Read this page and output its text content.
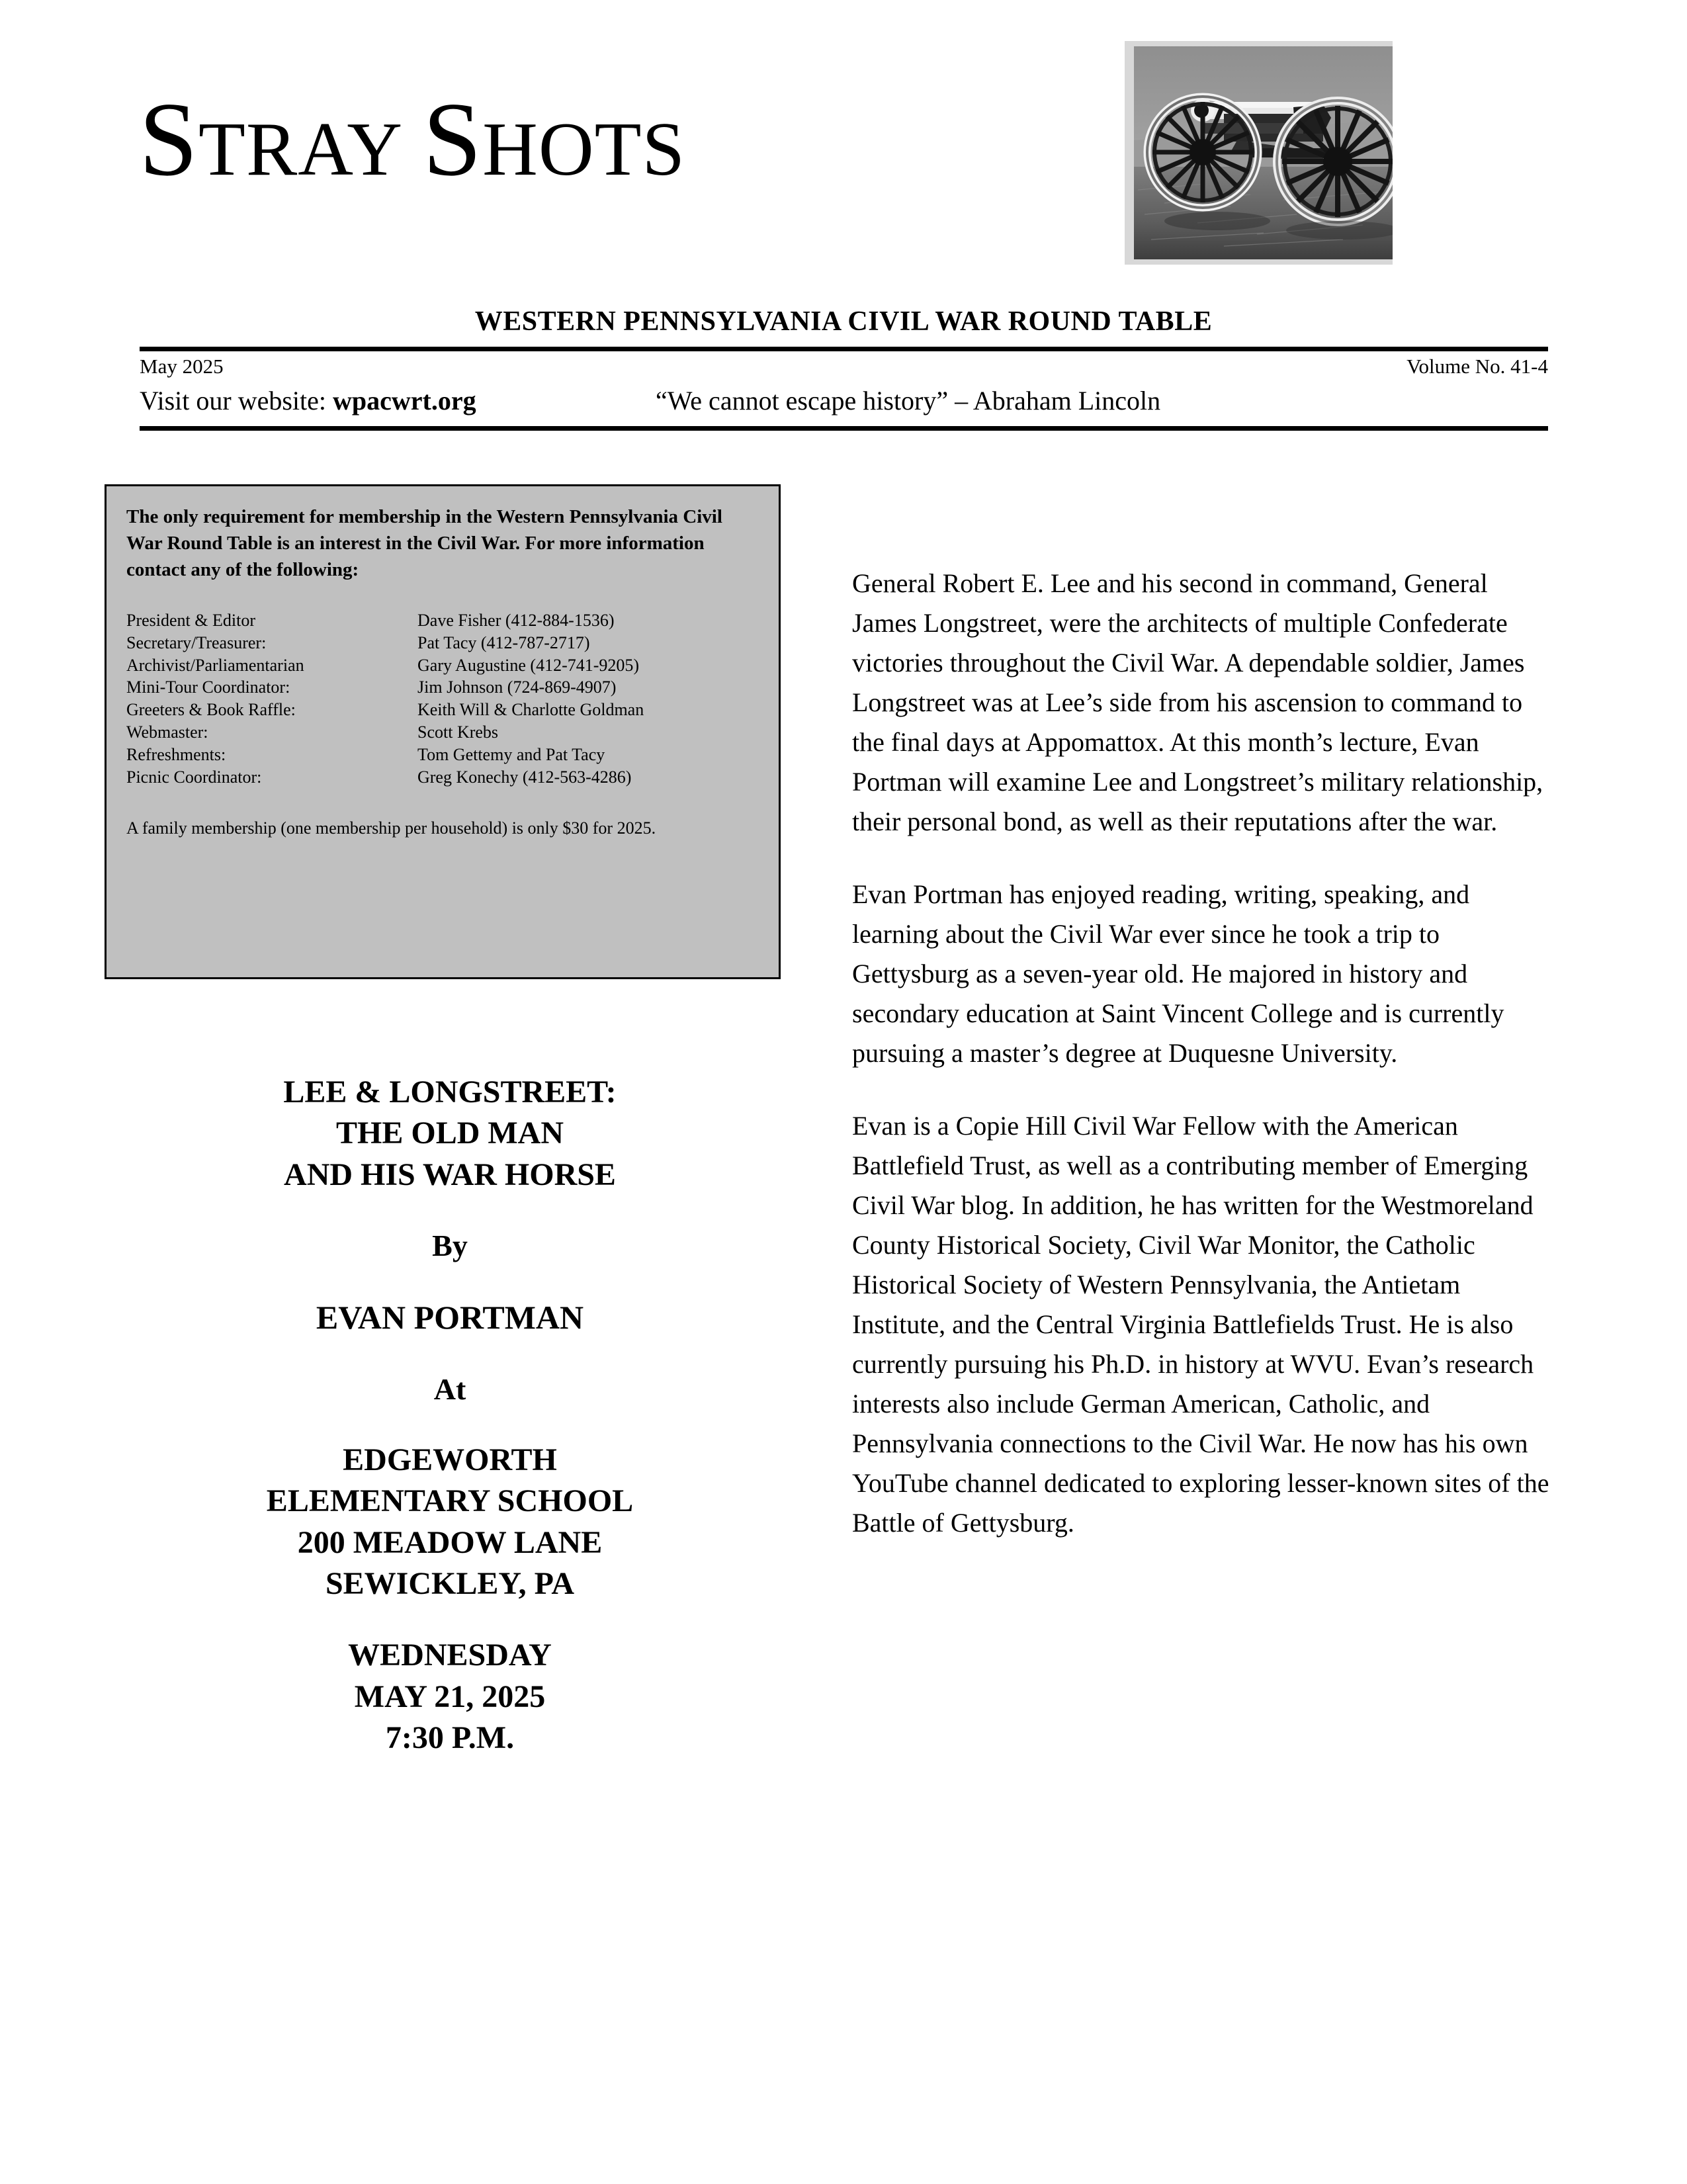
STRAY SHOTS
WESTERN PENNSYLVANIA CIVIL WAR ROUND TABLE
May 2025	Volume No. 41-4
Visit our website: wpacwrt.org	“We cannot escape history” – Abraham Lincoln

The only requirement for membership in the Western Pennsylvania Civil War Round Table is an interest in the Civil War. For more information contact any of the following:

President & Editor	Dave Fisher (412-884-1536)
Secretary/Treasurer:	Pat Tacy (412-787-2717)
Archivist/Parliamentarian	Gary Augustine (412-741-9205)
Mini-Tour Coordinator:	Jim Johnson (724-869-4907)
Greeters & Book Raffle:	Keith Will & Charlotte Goldman
Webmaster:	Scott Krebs
Refreshments:	Tom Gettemy and Pat Tacy
Picnic Coordinator:	Greg Konechy (412-563-4286)
A family membership (one membership per household) is only $30 for 2025.
LEE & LONGSTREET:
THE OLD MAN
AND HIS WAR HORSE
By
EVAN PORTMAN
At
EDGEWORTH
ELEMENTARY SCHOOL
200 MEADOW LANE
SEWICKLEY, PA
WEDNESDAY
MAY 21, 2025
7:30 P.M.

General Robert E. Lee and his second in command, General James Longstreet, were the architects of multiple Confederate victories throughout the Civil War. A dependable soldier, James Longstreet was at Lee’s side from his ascension to command to the final days at Appomattox. At this month’s lecture, Evan Portman will examine Lee and Longstreet’s military relationship, their personal bond, as well as their reputations after the war.

Evan Portman has enjoyed reading, writing, speaking, and learning about the Civil War ever since he took a trip to Gettysburg as a seven-year old. He majored in history and secondary education at Saint Vincent College and is currently pursuing a master’s degree at Duquesne University.

Evan is a Copie Hill Civil War Fellow with the American Battlefield Trust, as well as a contributing member of Emerging Civil War blog. In addition, he has written for the Westmoreland County Historical Society, Civil War Monitor, the Catholic Historical Society of Western Pennsylvania, the Antietam Institute, and the Central Virginia Battlefields Trust. He is also currently pursuing his Ph.D. in history at WVU. Evan’s research interests also include German American, Catholic, and Pennsylvania connections to the Civil War. He now has his own YouTube channel dedicated to exploring lesser-known sites of the Battle of Gettysburg.
